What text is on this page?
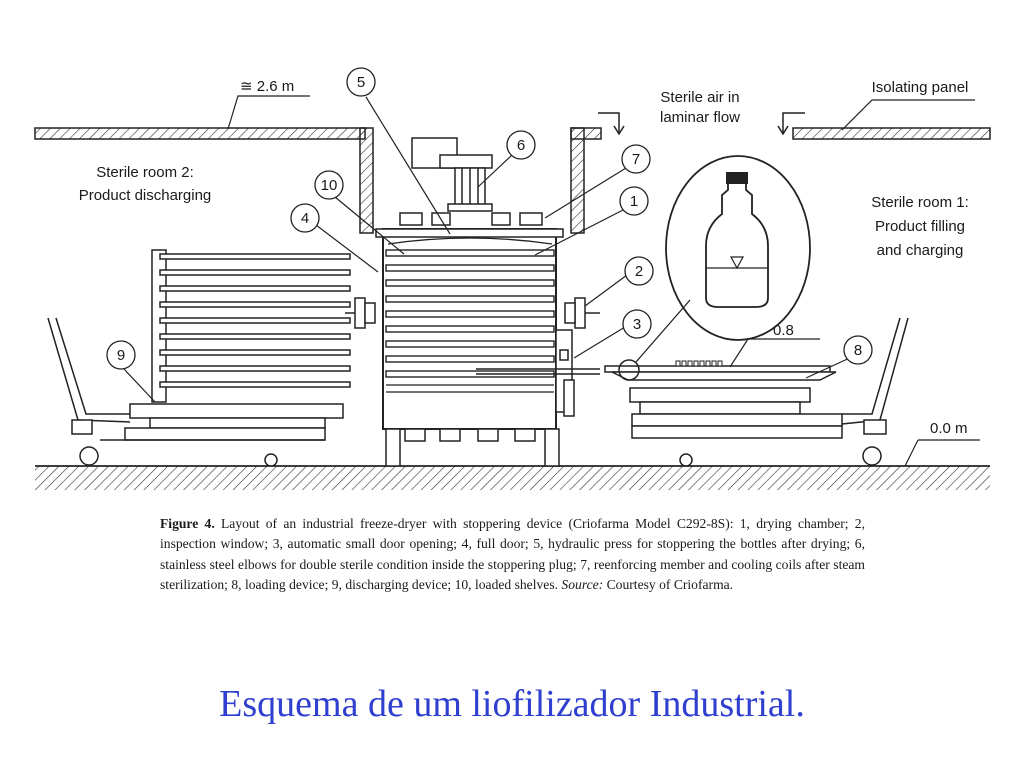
1
2
3
4
5
6
7
8
9
10
≅ 2.6 m
Sterile air in
laminar flow
Isolating panel
Sterile room 2:
Product discharging	Sterile room 1:
Product filling
and charging
0.8
0.0 m

Figure 4. Layout of an industrial freeze-dryer with stoppering device (Criofarma Model C292-8S): 1, drying chamber; 2, inspection window; 3, automatic small door opening; 4, full door; 5, hydraulic press for stoppering the bottles after drying; 6, stainless steel elbows for double sterile condition inside the stoppering plug; 7, reenforcing member and cooling coils after steam sterilization; 8, loading device; 9, discharging device; 10, loaded shelves. Source: Courtesy of Criofarma.

Esquema de um liofilizador Industrial.
